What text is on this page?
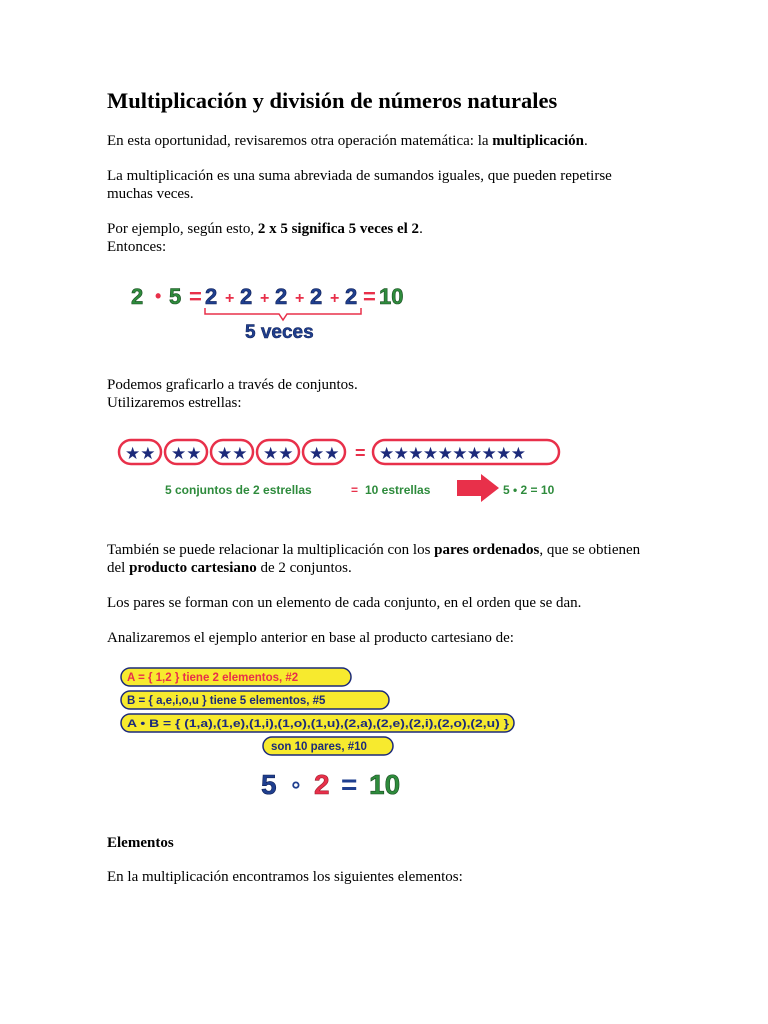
Multiplicación y división de números naturales

En esta oportunidad, revisaremos otra operación matemática: la multiplicación.

La multiplicación es una suma abreviada de sumandos iguales, que pueden repetirse
muchas veces.

Por ejemplo, según esto, 2 x 5 significa 5 veces el 2.
Entonces:

2 • 5 = 2 + 2 + 2 + 2 + 2 = 10
5 veces

Podemos graficarlo a través de conjuntos.
Utilizaremos estrellas:

★★ ★★ ★★ ★★ ★★ = ★★★★★★★★★★
5 conjuntos de 2 estrellas	= 10 estrellas	5 • 2 = 10

También se puede relacionar la multiplicación con los pares ordenados, que se obtienen
del producto cartesiano de 2 conjuntos.

Los pares se forman con un elemento de cada conjunto, en el orden que se dan.

Analizaremos el ejemplo anterior en base al producto cartesiano de:

A = { 1,2 } tiene 2 elementos, #2
B = { a,e,i,o,u } tiene 5 elementos, #5
A • B = { (1,a),(1,e),(1,i),(1,o),(1,u),(2,a),(2,e),(2,i),(2,o),(2,u) }
son 10 pares, #10
5 ∘ 2 = 10

Elementos

En la multiplicación encontramos los siguientes elementos:
